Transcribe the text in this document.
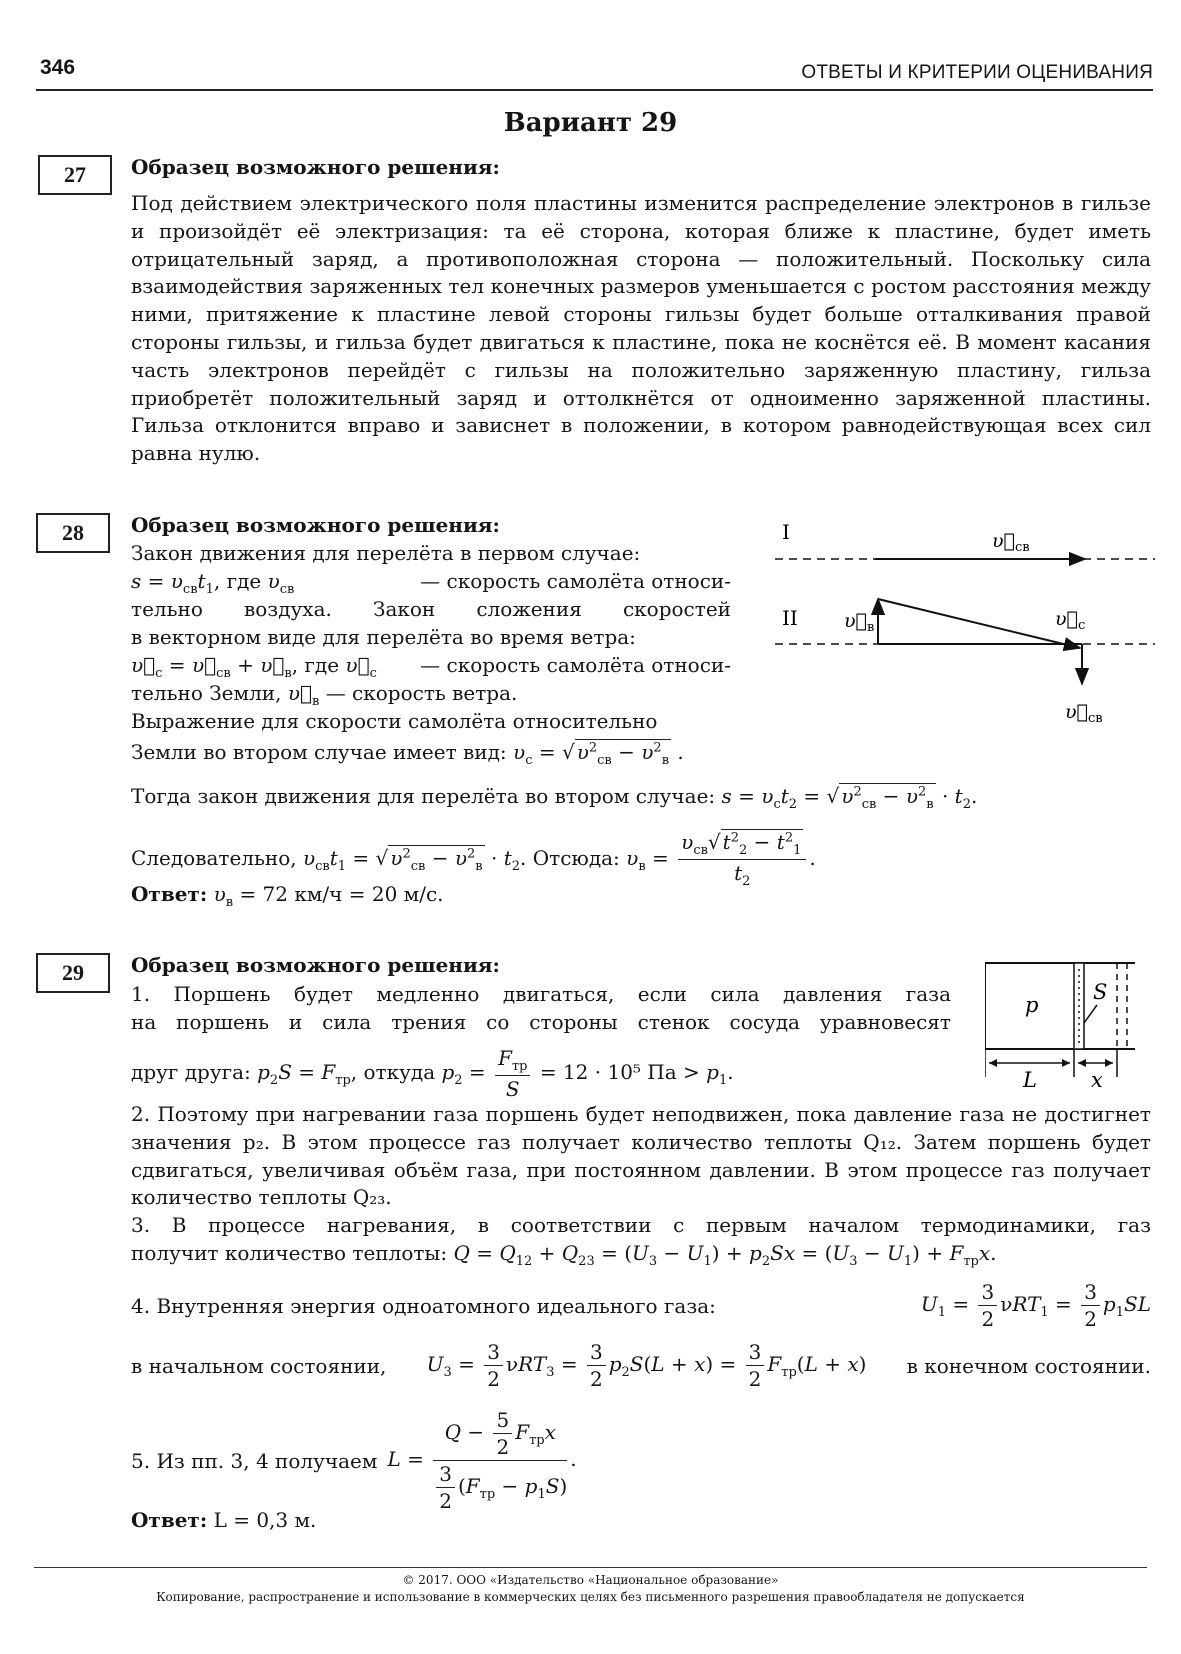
346	ОТВЕТЫ И КРИТЕРИИ ОЦЕНИВАНИЯ
Вариант 29
27	Образец возможного решения:
Под действием электрического поля пластины изменится распределение электронов в гильзе и произойдёт её электризация: та её сторона, которая ближе к пластине, будет иметь отрицательный заряд, а противоположная сторона — положительный. Поскольку сила взаимодействия заряженных тел конечных размеров уменьшается с ростом расстояния между ними, притяжение к пластине левой стороны гильзы будет больше отталкивания правой стороны гильзы, и гильза будет двигаться к пластине, пока не коснётся её. В момент касания часть электронов перейдёт с гильзы на положительно заряженную пластину, гильза приобретёт положительный заряд и оттолкнётся от одноименно заряженной пластины. Гильза отклонится вправо и зависнет в положении, в котором равнодействующая всех сил равна нулю.
28	Образец возможного решения:
Закон движения для перелёта в первом случае:
$s = \upsilon_{св}t_1$, где $\upsilon_{св}$	— скорость самолёта относи-
тельно воздуха. Закон сложения скоростей
в векторном виде для перелёта во время ветра:
$\upsilon⃗_с$ = $\upsilon⃗_{св}$ + $\upsilon⃗_в$, где $\upsilon⃗_с$ — скорость самолёта относи-
тельно Земли, $\upsilon⃗_в$ — скорость ветра.
Выражение для скорости самолёта относительно
Земли во втором случае имеет вид: $\upsilon_с$ = √ $\upsilon^2_{св} - \upsilon^2_в$ .
Тогда закон движения для перелёта во втором случае: $s = \upsilon_сt_2$ = √ $\upsilon^2_{св} - \upsilon^2_в \cdot t_2$.
Следовательно, $\upsilon_{св}t_1$ = √ $\upsilon^2_{св} - \upsilon^2_в \cdot t_2$. Отсюда: $\upsilon_в = \frac{\upsilon_{св}√ t^2_2 - t^2_1}{t_2}$ .
Ответ: $\upsilon_в = 72$ км/ч = 20 м/с.
I	$\upsilon⃗_{св}$
II $\upsilon⃗_в$	$\upsilon⃗_с$
$\upsilon⃗_{св}$
29	Образец возможного решения:
1. Поршень будет медленно двигаться, если сила давления газа
на поршень и сила трения со стороны стенок сосуда уравновесят
друг друга: $p_2S = F_{тр}$, откуда $p_2 = \frac{F_{тр}}{S} = 12 \cdot 10^5$ Па > $p_1$.
p
S
L	x
2. Поэтому при нагревании газа поршень будет неподвижен, пока давление газа не достигнет значения p₂. В этом процессе газ получает количество теплоты Q₁₂. Затем поршень будет сдвигаться, увеличивая объём газа, при постоянном давлении. В этом процессе газ получает количество теплоты Q₂₃.
3. В процессе нагревания, в соответствии с первым началом термодинамики, газ
получит количество теплоты: $Q = Q_{12} + Q_{23} = (U_3 - U_1) + p_2Sx = (U_3 - U_1) + F_{тр}x$.
4. Внутренняя энергия одноатомного идеального газа:	$U_1 = \frac{3}{2} \nu RT_1 = \frac{3}{2} p_1SL$
в начальном состоянии, $U_3 = \frac{3}{2} \nu RT_3 = \frac{3}{2} p_2S(L + x) = \frac{3}{2} F_{тр}(L + x)$ в конечном состоянии.
5. Из пп. 3, 4 получаем $L = \frac{Q - \frac{5}{2} F_{тр}x}{\frac{3}{2} (F_{тр} - p_1S)}$ .
Ответ: L = 0,3 м.
© 2017. ООО «Издательство «Национальное образование»
Копирование, распространение и использование в коммерческих целях без письменного разрешения правообладателя не допускается
